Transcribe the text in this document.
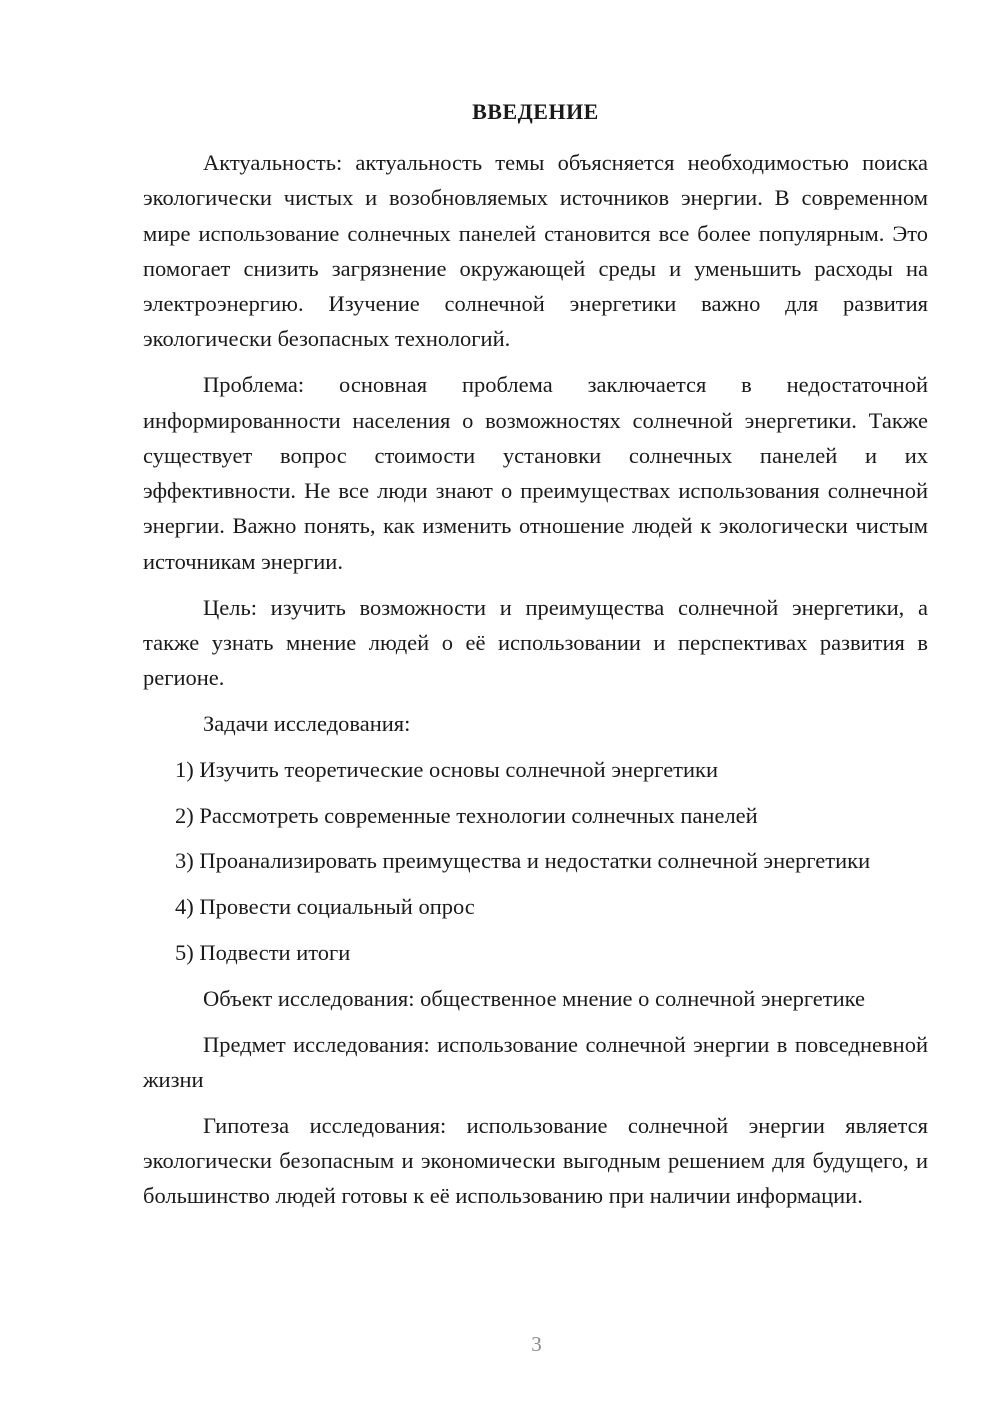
ВВЕДЕНИЕ

Актуальность: актуальность темы объясняется необходимостью поиска экологически чистых и возобновляемых источников энергии. В современном мире использование солнечных панелей становится все более популярным. Это помогает снизить загрязнение окружающей среды и уменьшить расходы на электроэнергию. Изучение солнечной энергетики важно для развития экологически безопасных технологий.

Проблема: основная проблема заключается в недостаточной информированности населения о возможностях солнечной энергетики. Также существует вопрос стоимости установки солнечных панелей и их эффективности. Не все люди знают о преимуществах использования солнечной энергии. Важно понять, как изменить отношение людей к экологически чистым источникам энергии.

Цель: изучить возможности и преимущества солнечной энергетики, а также узнать мнение людей о её использовании и перспективах развития в регионе.

Задачи исследования:

1) Изучить теоретические основы солнечной энергетики

2) Рассмотреть современные технологии солнечных панелей

3) Проанализировать преимущества и недостатки солнечной энергетики

4) Провести социальный опрос

5) Подвести итоги

Объект исследования: общественное мнение о солнечной энергетике

Предмет исследования: использование солнечной энергии в повседневной жизни

Гипотеза исследования: использование солнечной энергии является экологически безопасным и экономически выгодным решением для будущего, и большинство людей готовы к её использованию при наличии информации.

3
